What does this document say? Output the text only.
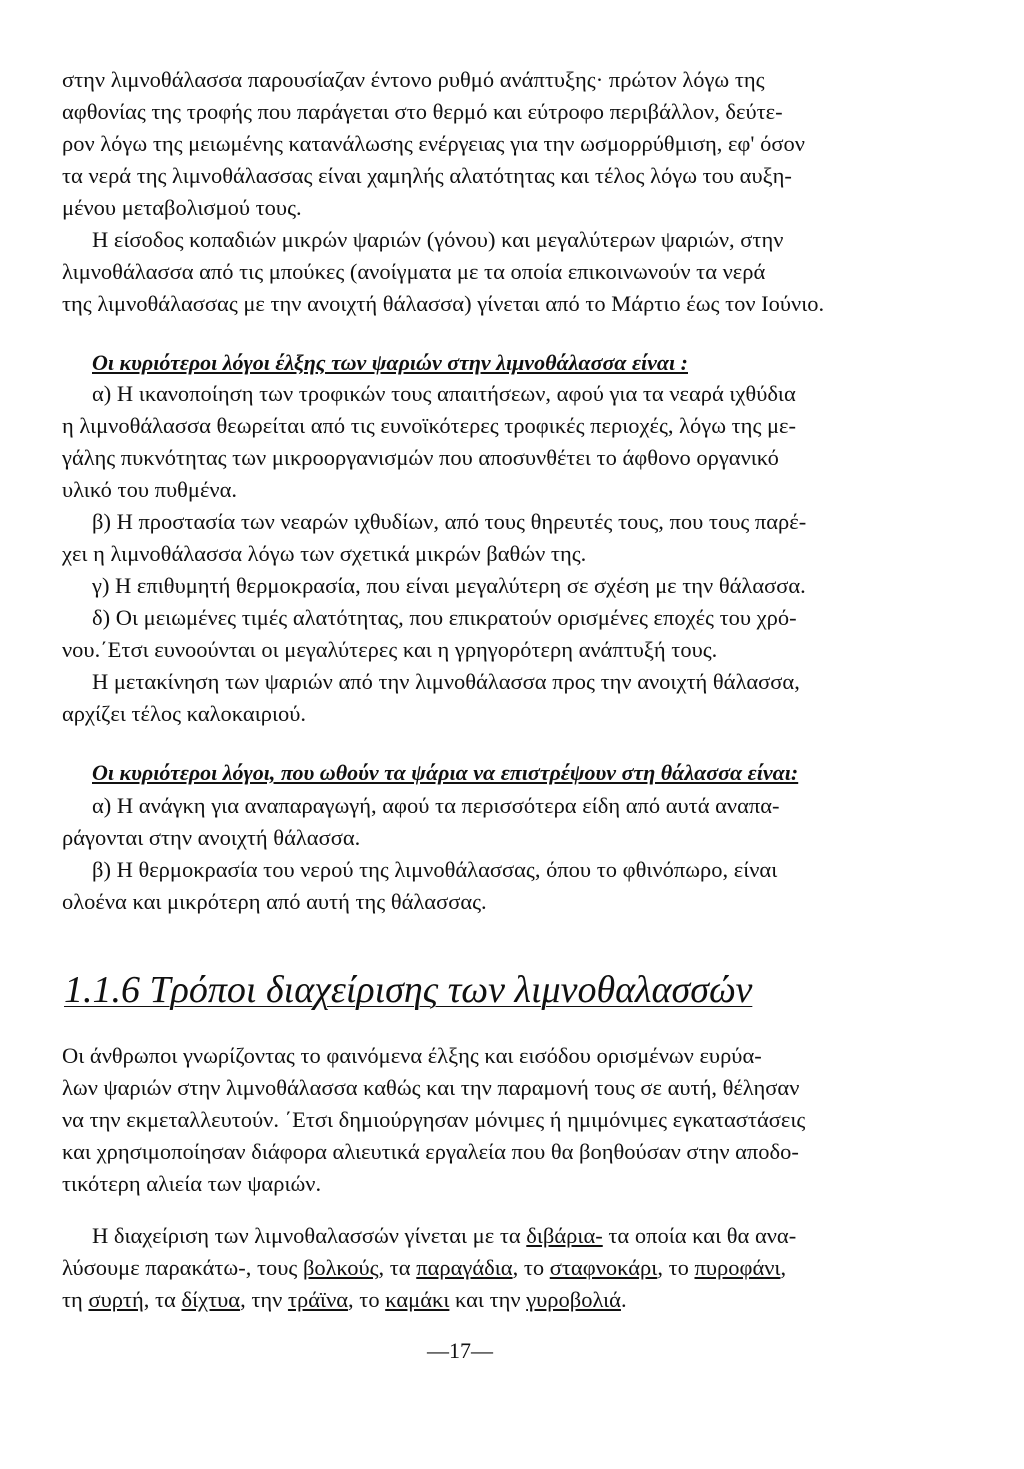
στην λιμνοθάλασσα παρουσίαζαν έντονο ρυθμό ανάπτυξης· πρώτον λόγω της
αφθονίας της τροφής που παράγεται στο θερμό και εύτροφο περιβάλλον, δεύτε-
ρον λόγω της μειωμένης κατανάλωσης ενέργειας για την ωσμορρύθμιση, εφ' όσον
τα νερά της λιμνοθάλασσας είναι χαμηλής αλατότητας και τέλος λόγω του αυξη-
μένου μεταβολισμού τους.
Η είσοδος κοπαδιών μικρών ψαριών (γόνου) και μεγαλύτερων ψαριών, στην
λιμνοθάλασσα από τις μπούκες (ανοίγματα με τα οποία επικοινωνούν τα νερά
της λιμνοθάλασσας με την ανοιχτή θάλασσα) γίνεται από το Μάρτιο έως τον Ιούνιο.
Οι κυριότεροι λόγοι έλξης των ψαριών στην λιμνοθάλασσα είναι :
α) Η ικανοποίηση των τροφικών τους απαιτήσεων, αφού για τα νεαρά ιχθύδια
η λιμνοθάλασσα θεωρείται από τις ευνοϊκότερες τροφικές περιοχές, λόγω της με-
γάλης πυκνότητας των μικροοργανισμών που αποσυνθέτει το άφθονο οργανικό
υλικό του πυθμένα.
β) Η προστασία των νεαρών ιχθυδίων, από τους θηρευτές τους, που τους παρέ-
χει η λιμνοθάλασσα λόγω των σχετικά μικρών βαθών της.
γ) Η επιθυμητή θερμοκρασία, που είναι μεγαλύτερη σε σχέση με την θάλασσα.
δ) Οι μειωμένες τιμές αλατότητας, που επικρατούν ορισμένες εποχές του χρό-
νου.΄Ετσι ευνοούνται οι μεγαλύτερες και η γρηγορότερη ανάπτυξή τους.
Η μετακίνηση των ψαριών από την λιμνοθάλασσα προς την ανοιχτή θάλασσα,
αρχίζει τέλος καλοκαιριού.
Οι κυριότεροι λόγοι, που ωθούν τα ψάρια να επιστρέψουν στη θάλασσα είναι:
α) Η ανάγκη για αναπαραγωγή, αφού τα περισσότερα είδη από αυτά αναπα-
ράγονται στην ανοιχτή θάλασσα.
β) Η θερμοκρασία του νερού της λιμνοθάλασσας, όπου το φθινόπωρο, είναι
ολοένα και μικρότερη από αυτή της θάλασσας.
1.1.6 Τρόποι διαχείρισης των λιμνοθαλασσών
Οι άνθρωποι γνωρίζοντας το φαινόμενα έλξης και εισόδου ορισμένων ευρύα-
λων ψαριών στην λιμνοθάλασσα καθώς και την παραμονή τους σε αυτή, θέλησαν
να την εκμεταλλευτούν. ΄Ετσι δημιούργησαν μόνιμες ή ημιμόνιμες εγκαταστάσεις
και χρησιμοποίησαν διάφορα αλιευτικά εργαλεία που θα βοηθούσαν στην αποδο-
τικότερη αλιεία των ψαριών.
Η διαχείριση των λιμνοθαλασσών γίνεται με τα διβάρια- τα οποία και θα ανα-
λύσουμε παρακάτω-, τους βολκούς, τα παραγάδια, το σταφνοκάρι, το πυροφάνι,
τη συρτή, τα δίχτυα, την τράϊνα, το καμάκι και την γυροβολιά.
—17—
